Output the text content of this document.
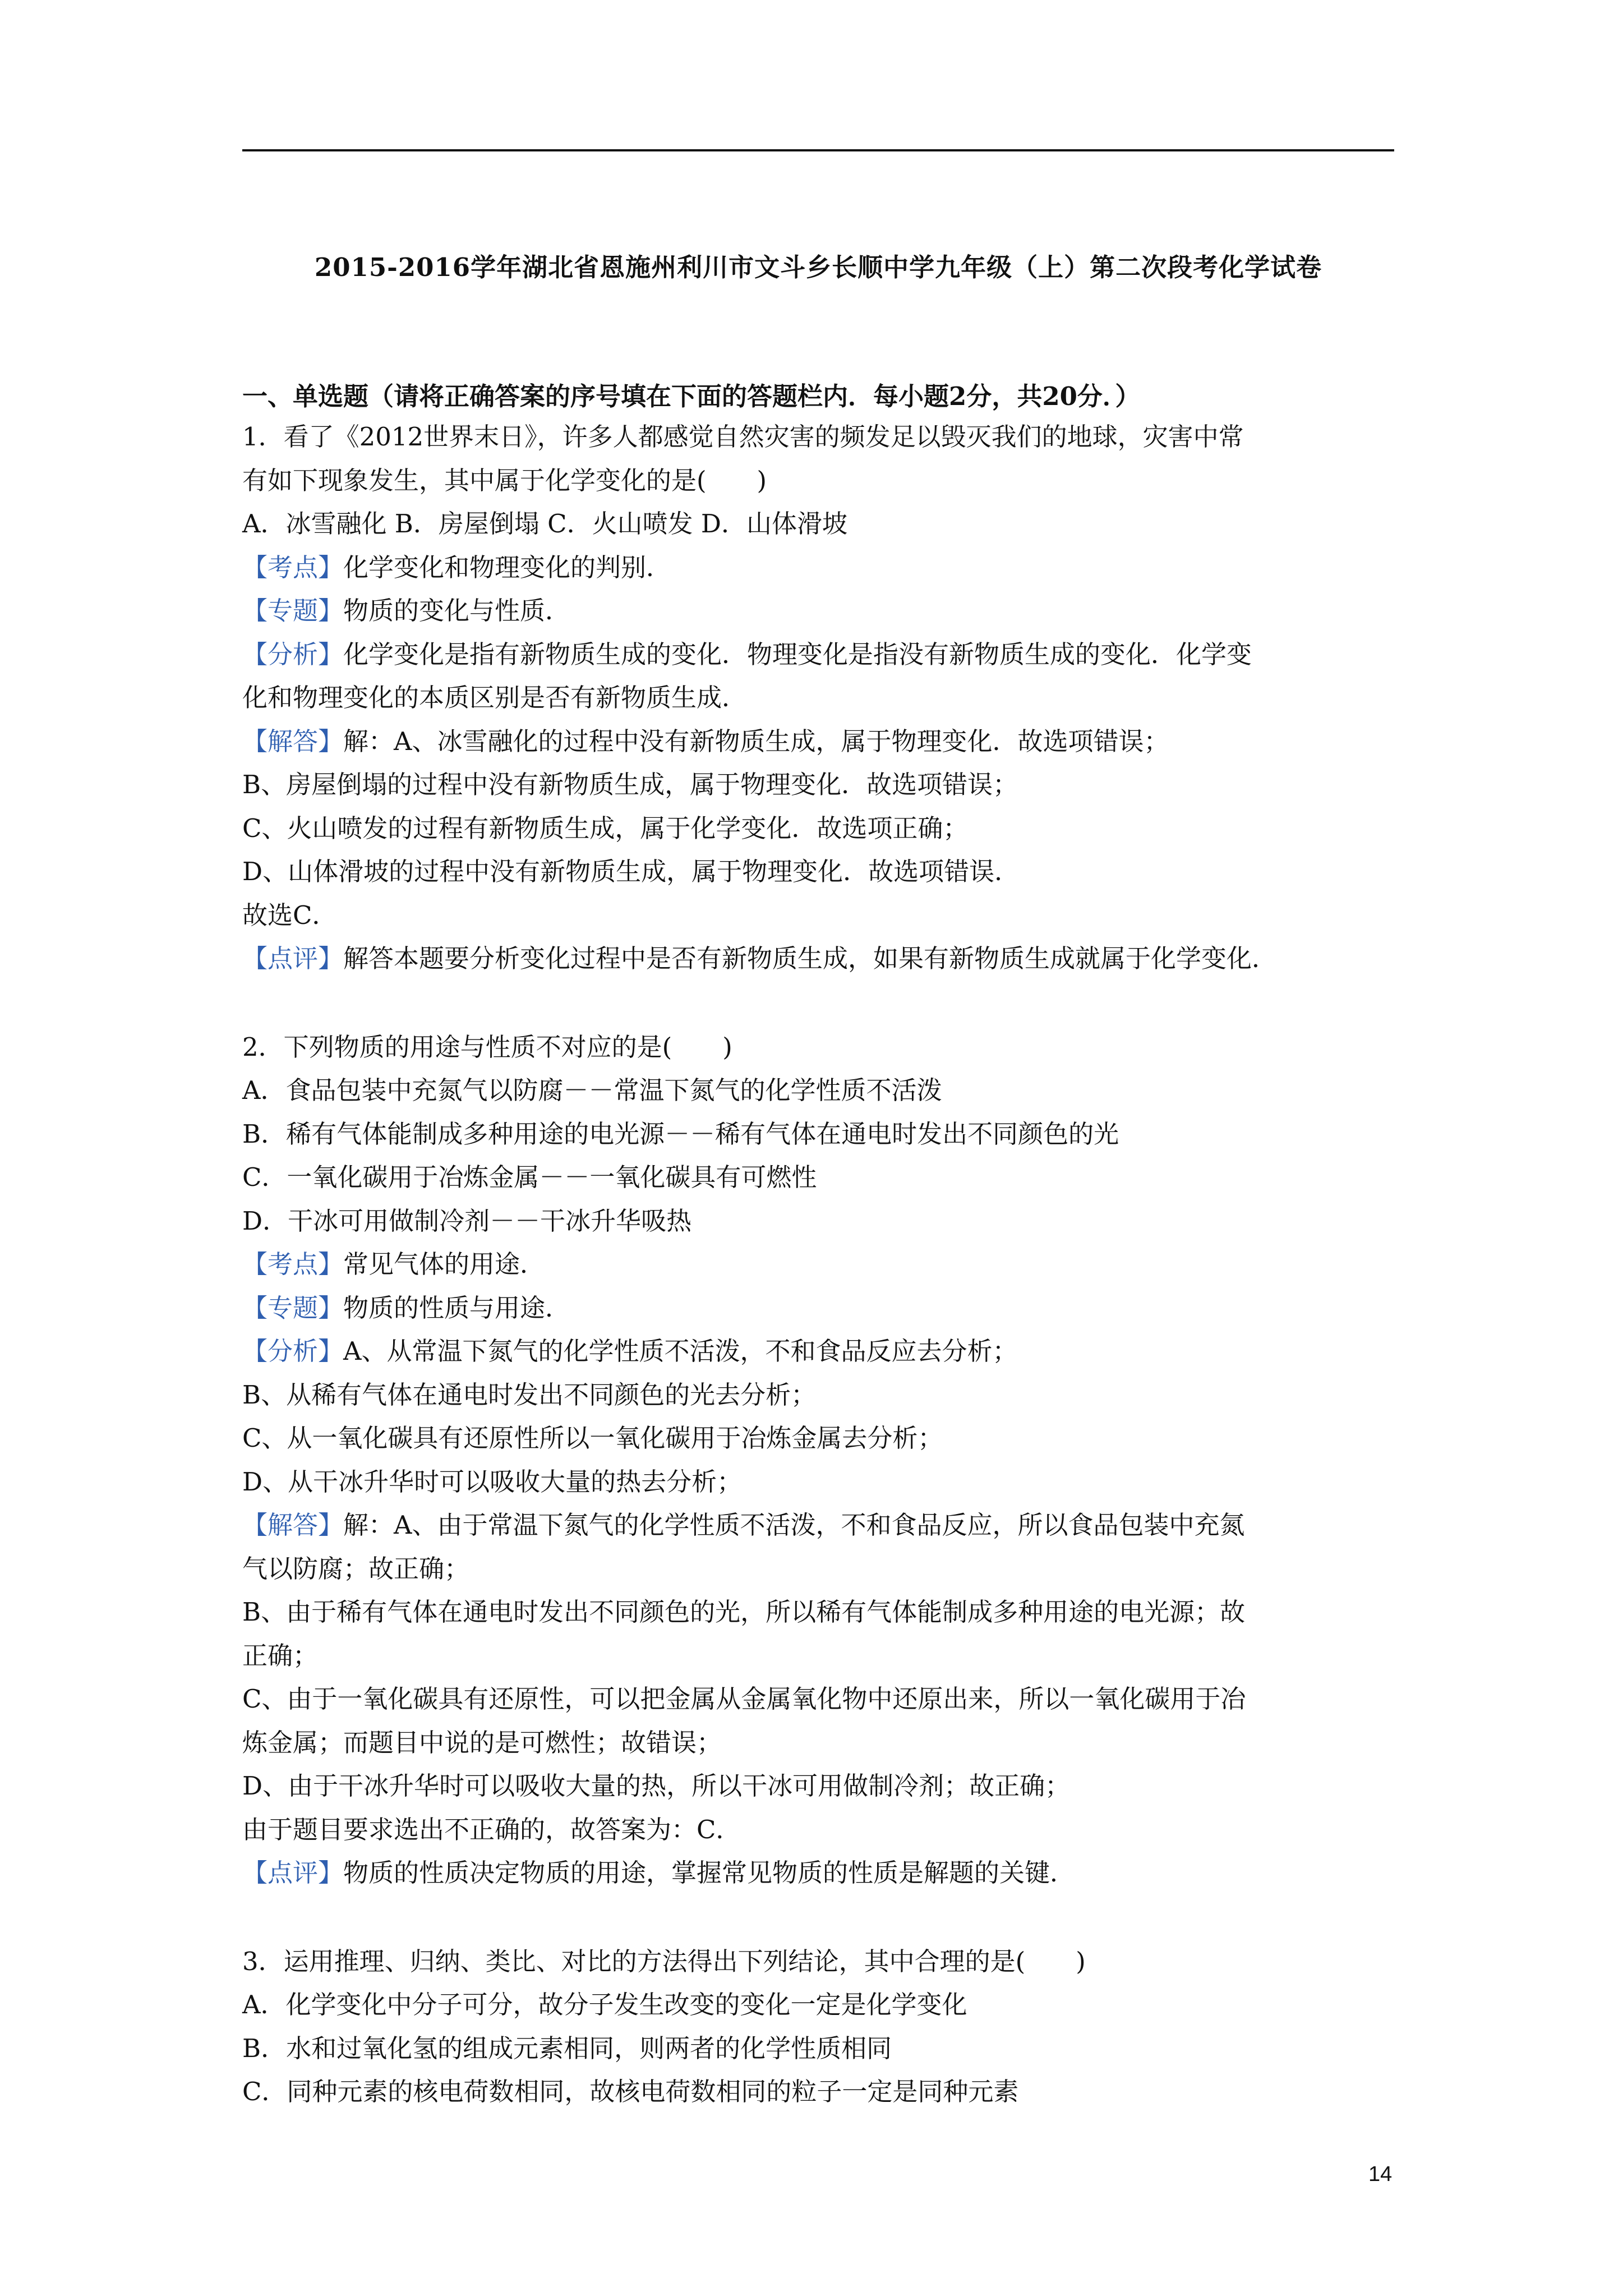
2015-2016学年湖北省恩施州利川市文斗乡长顺中学九年级（上）第二次段考化学试卷
一、单选题（请将正确答案的序号填在下面的答题栏内．每小题2分，共20分．）
1．看了《2012世界末日》，许多人都感觉自然灾害的频发足以毁灭我们的地球，灾害中常
有如下现象发生，其中属于化学变化的是(　　)
A．冰雪融化 B．房屋倒塌 C．火山喷发 D．山体滑坡
【考点】化学变化和物理变化的判别．
【专题】物质的变化与性质．
【分析】化学变化是指有新物质生成的变化．物理变化是指没有新物质生成的变化．化学变
化和物理变化的本质区别是否有新物质生成．
【解答】解：A、冰雪融化的过程中没有新物质生成，属于物理变化．故选项错误；
B、房屋倒塌的过程中没有新物质生成，属于物理变化．故选项错误；
C、火山喷发的过程有新物质生成，属于化学变化．故选项正确；
D、山体滑坡的过程中没有新物质生成，属于物理变化．故选项错误．
故选C．
【点评】解答本题要分析变化过程中是否有新物质生成，如果有新物质生成就属于化学变化．
2．下列物质的用途与性质不对应的是(　　)
A．食品包装中充氮气以防腐－－常温下氮气的化学性质不活泼
B．稀有气体能制成多种用途的电光源－－稀有气体在通电时发出不同颜色的光
C．一氧化碳用于冶炼金属－－一氧化碳具有可燃性
D．干冰可用做制冷剂－－干冰升华吸热
【考点】常见气体的用途．
【专题】物质的性质与用途．
【分析】A、从常温下氮气的化学性质不活泼，不和食品反应去分析；
B、从稀有气体在通电时发出不同颜色的光去分析；
C、从一氧化碳具有还原性所以一氧化碳用于冶炼金属去分析；
D、从干冰升华时可以吸收大量的热去分析；
【解答】解：A、由于常温下氮气的化学性质不活泼，不和食品反应，所以食品包装中充氮
气以防腐；故正确；
B、由于稀有气体在通电时发出不同颜色的光，所以稀有气体能制成多种用途的电光源；故
正确；
C、由于一氧化碳具有还原性，可以把金属从金属氧化物中还原出来，所以一氧化碳用于冶
炼金属；而题目中说的是可燃性；故错误；
D、由于干冰升华时可以吸收大量的热，所以干冰可用做制冷剂；故正确；
由于题目要求选出不正确的，故答案为：C．
【点评】物质的性质决定物质的用途，掌握常见物质的性质是解题的关键．
3．运用推理、归纳、类比、对比的方法得出下列结论，其中合理的是(　　)
A．化学变化中分子可分，故分子发生改变的变化一定是化学变化
B．水和过氧化氢的组成元素相同，则两者的化学性质相同
C．同种元素的核电荷数相同，故核电荷数相同的粒子一定是同种元素
14
